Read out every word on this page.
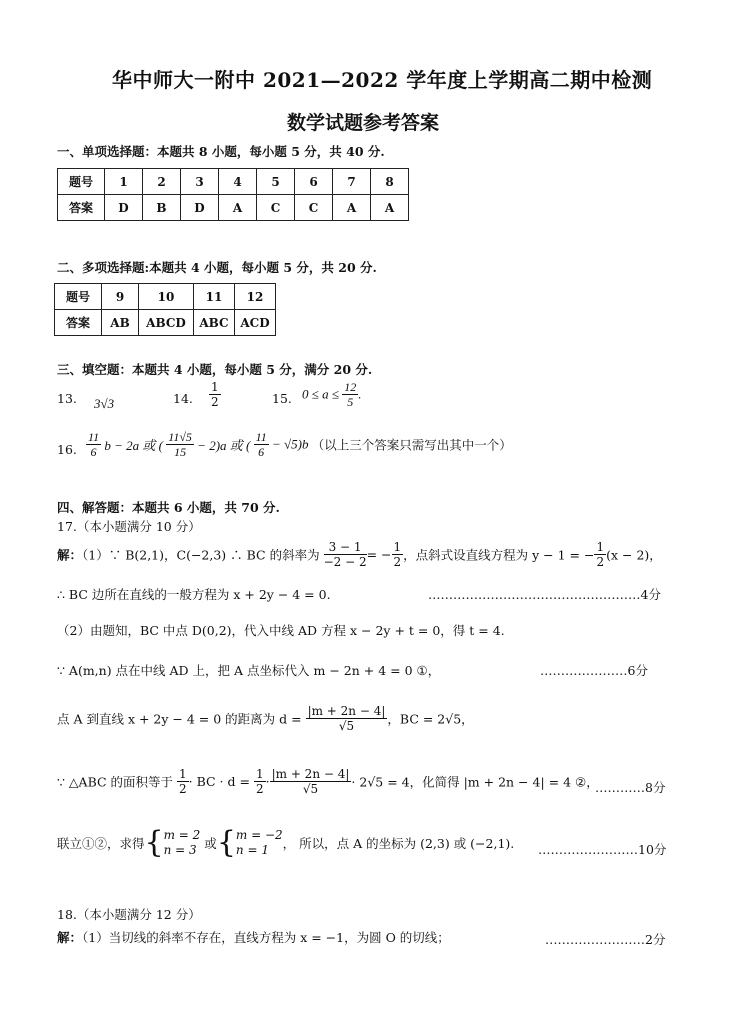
华中师大一附中 2021—2022 学年度上学期高二期中检测
数学试题参考答案
一、单项选择题：本题共 8 小题，每小题 5 分，共 40 分.
题号	1	2	3	4	5	6	7	8
答案	D	B	D	A	C	C	A	A
二、多项选择题:本题共 4 小题，每小题 5 分，共 20 分.
题号	9	10	11	12
答案	AB	ABCD	ABC	ACD
三、填空题：本题共 4 小题，每小题 5 分，满分 20 分.
13. 3√3	14. $\frac{1}{2}$	15. $0 \le a \le \frac{12}{5}$ .
16. $\frac{11}{6}$ b − 2a 或 ( $\frac{11√5}{15} - 2)a$ 或 ( $\frac{11}{6} - √5)b$ （以上三个答案只需写出其中一个）
四、解答题：本题共 6 小题，共 70 分.
17.（本小题满分 10 分）
解：（1）∵ B(2,1)，C(−2,3) ∴ BC 的斜率为 $\frac{3 - 1}{-2 - 2}$ = − $\frac{1}{2}$ ，点斜式设直线方程为 y − 1 = − $\frac{1}{2} (x - 2)$，
∴ BC 边所在直线的一般方程为 x + 2y − 4 = 0.	……………………………………………4分
（2）由题知，BC 中点 D(0,2)，代入中线 AD 方程 x − 2y + t = 0，得 t = 4.
∵ A(m,n) 点在中线 AD 上，把 A 点坐标代入 m − 2n + 4 = 0 ①，	…………………6分
点 A 到直线 x + 2y − 4 = 0 的距离为 $d = \frac{|m + 2n - 4|}{√5}$ ，BC = 2√5，
∵ △ABC 的面积等于 $\frac{1}{2}$ · BC · $d = \frac{1}{2} \cdot \frac{|m + 2n - 4|}{√5} \cdot 2√5 = 4$，化简得 |m + 2n − 4| = 4 ②，
…………8分
联立①②，求得{ m = 2
n = 3 或{ m = −2
n = 1	， 所以，点 A 的坐标为 (2,3) 或 (−2,1). ……………………10分
18.（本小题满分 12 分）
解：（1）当切线的斜率不存在，直线方程为 x = −1，为圆 O 的切线；	……………………2分
